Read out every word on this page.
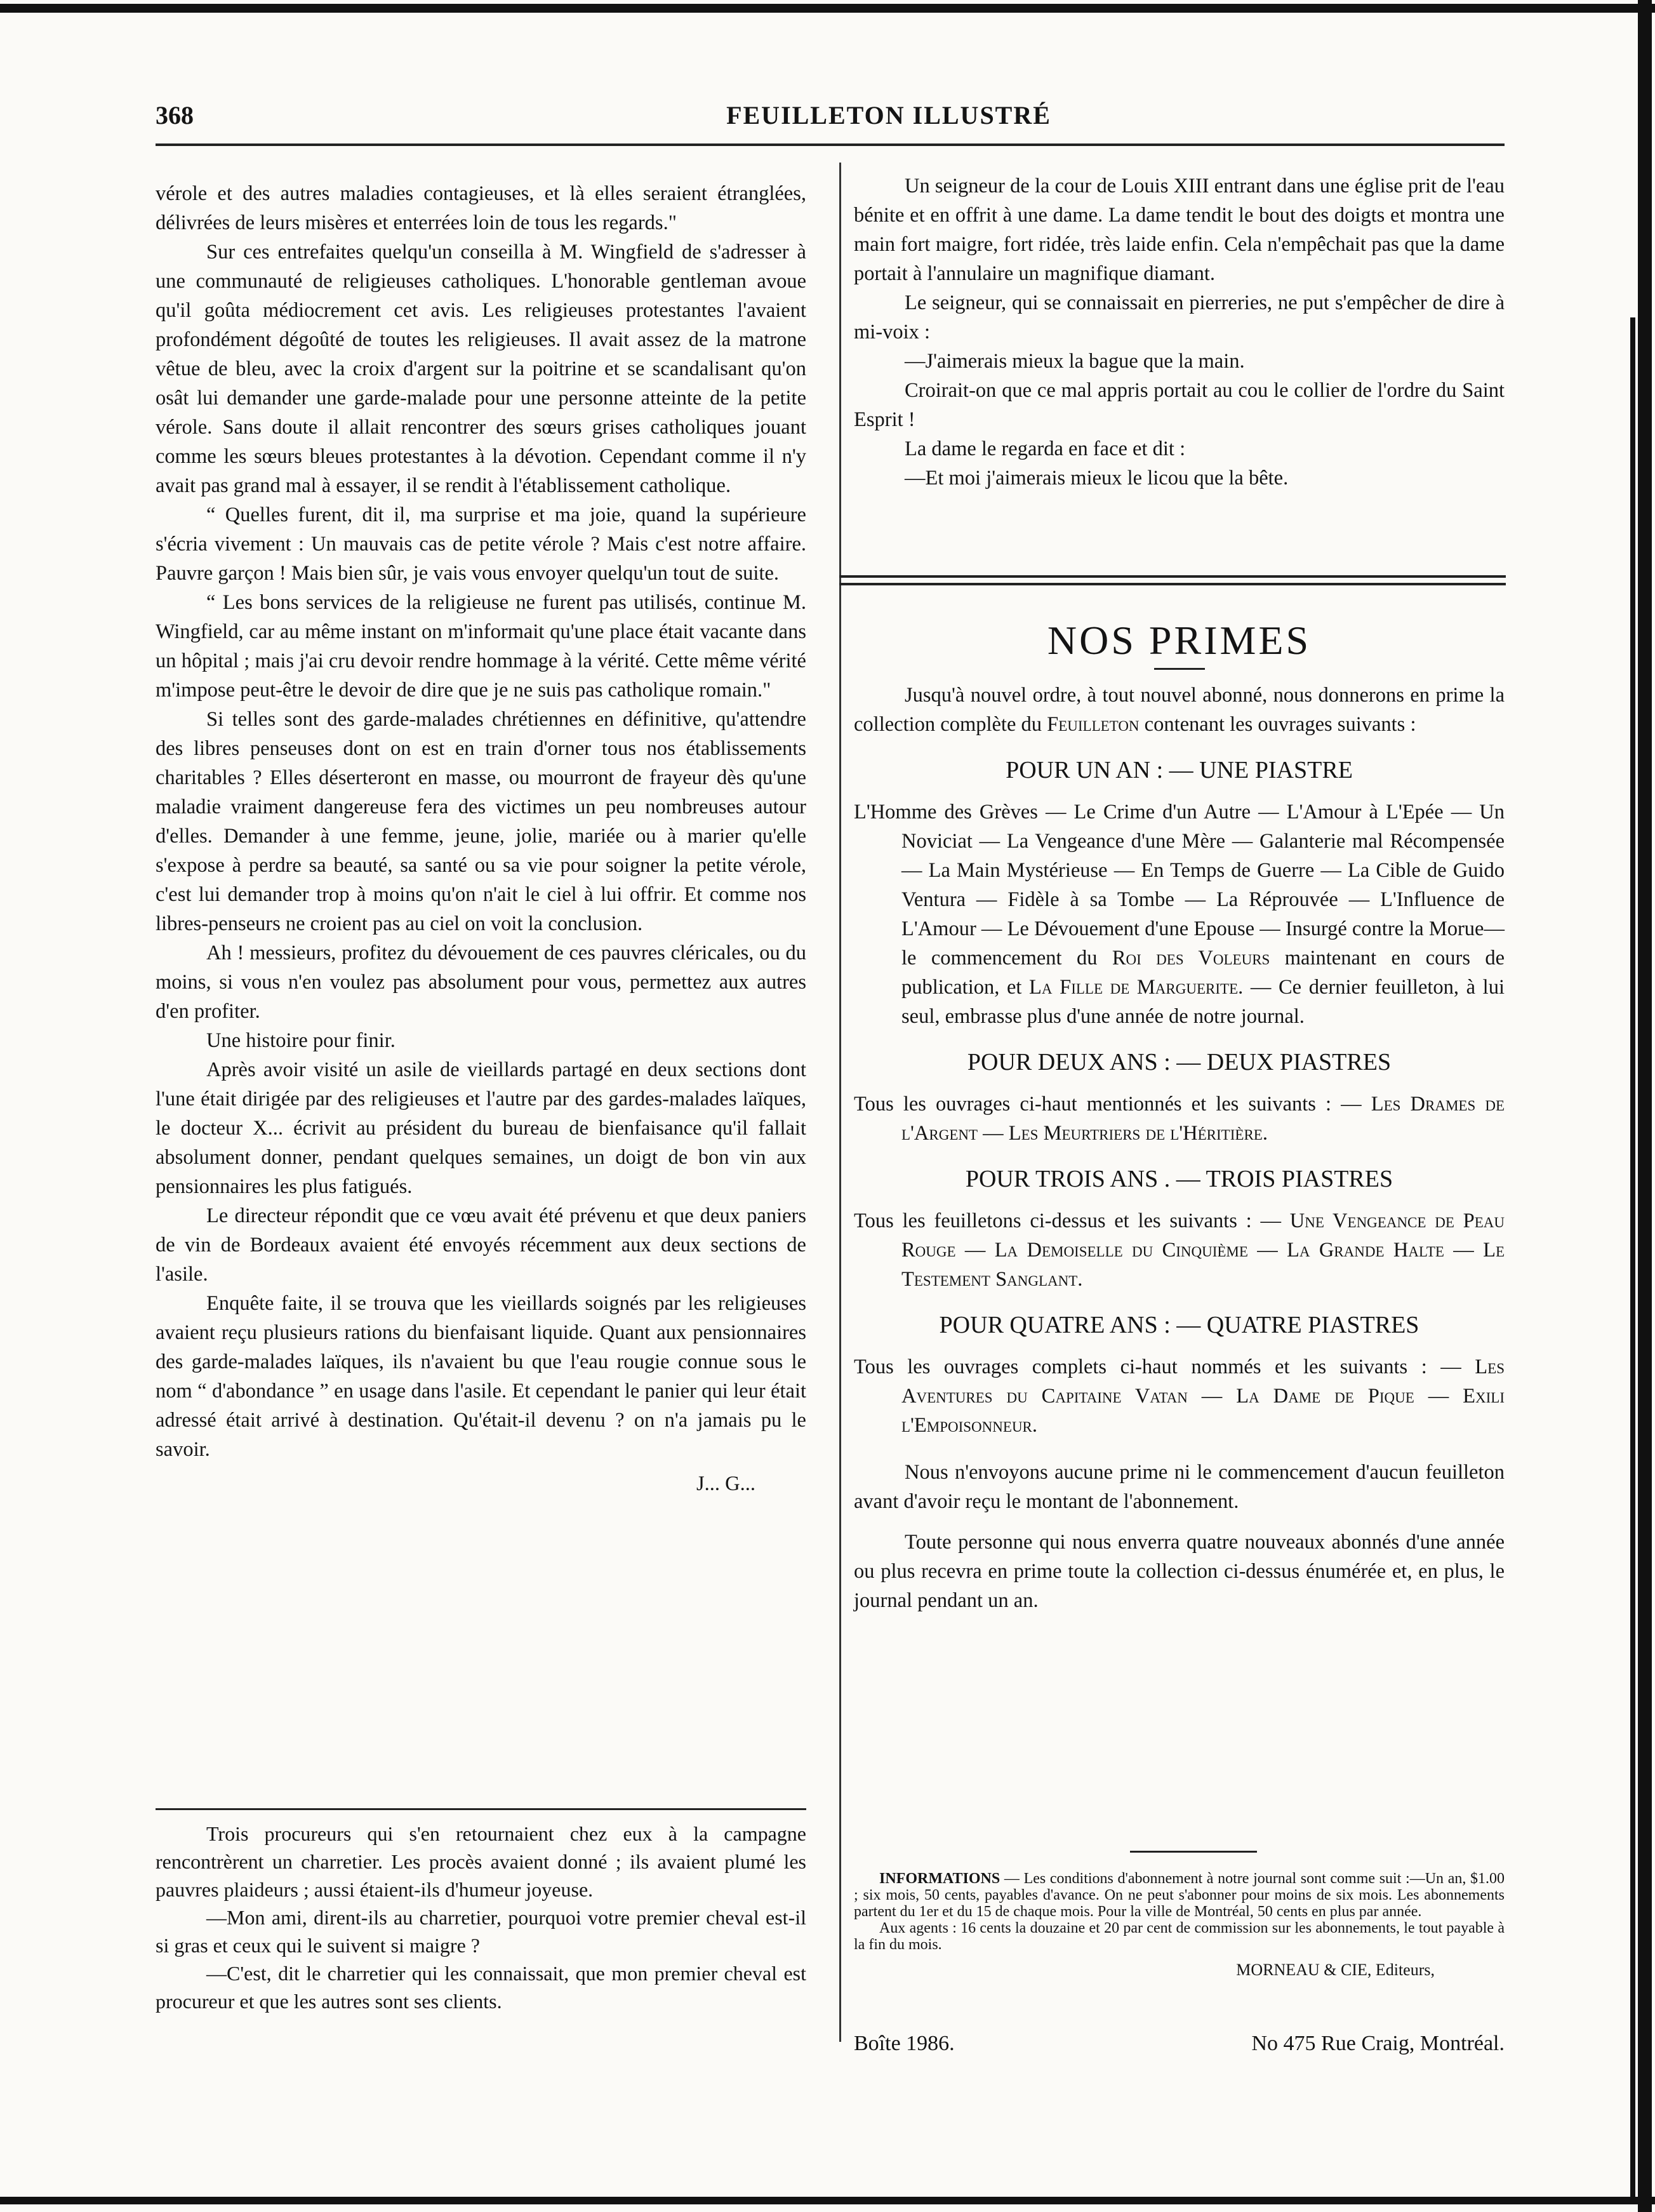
368	FEUILLETON ILLUSTRÉ

vérole et des autres maladies contagieuses, et là elles seraient étranglées, délivrées de leurs misères et enterrées loin de tous les regards."

Sur ces entrefaites quelqu'un conseilla à M. Wingfield de s'adresser à une communauté de religieuses catholiques. L'honorable gentleman avoue qu'il goûta médiocrement cet avis. Les religieuses protestantes l'avaient profondément dégoûté de toutes les religieuses. Il avait assez de la matrone vêtue de bleu, avec la croix d'argent sur la poitrine et se scandalisant qu'on osât lui demander une garde-malade pour une personne atteinte de la petite vérole. Sans doute il allait rencontrer des sœurs grises catholiques jouant comme les sœurs bleues protestantes à la dévotion. Cependant comme il n'y avait pas grand mal à essayer, il se rendit à l'établissement catholique.

“ Quelles furent, dit il, ma surprise et ma joie, quand la supérieure s'écria vivement : Un mauvais cas de petite vérole ? Mais c'est notre affaire. Pauvre garçon ! Mais bien sûr, je vais vous envoyer quelqu'un tout de suite.

“ Les bons services de la religieuse ne furent pas utilisés, continue M. Wingfield, car au même instant on m'informait qu'une place était vacante dans un hôpital ; mais j'ai cru devoir rendre hommage à la vérité. Cette même vérité m'impose peut-être le devoir de dire que je ne suis pas catholique romain."

Si telles sont des garde-malades chrétiennes en définitive, qu'attendre des libres penseuses dont on est en train d'orner tous nos établissements charitables ? Elles déserteront en masse, ou mourront de frayeur dès qu'une maladie vraiment dangereuse fera des victimes un peu nombreuses autour d'elles. Demander à une femme, jeune, jolie, mariée ou à marier qu'elle s'expose à perdre sa beauté, sa santé ou sa vie pour soigner la petite vérole, c'est lui demander trop à moins qu'on n'ait le ciel à lui offrir. Et comme nos libres-penseurs ne croient pas au ciel on voit la conclusion.

Ah ! messieurs, profitez du dévouement de ces pauvres cléricales, ou du moins, si vous n'en voulez pas absolument pour vous, permettez aux autres d'en profiter.

Une histoire pour finir.

Après avoir visité un asile de vieillards partagé en deux sections dont l'une était dirigée par des religieuses et l'autre par des gardes-malades laïques, le docteur X... écrivit au président du bureau de bienfaisance qu'il fallait absolument donner, pendant quelques semaines, un doigt de bon vin aux pensionnaires les plus fatigués.

Le directeur répondit que ce vœu avait été prévenu et que deux paniers de vin de Bordeaux avaient été envoyés récemment aux deux sections de l'asile.

Enquête faite, il se trouva que les vieillards soignés par les religieuses avaient reçu plusieurs rations du bienfaisant liquide. Quant aux pensionnaires des garde-malades laïques, ils n'avaient bu que l'eau rougie connue sous le nom “ d'abondance ” en usage dans l'asile. Et cependant le panier qui leur était adressé était arrivé à destination. Qu'était-il devenu ? on n'a jamais pu le savoir.

J... G...

Trois procureurs qui s'en retournaient chez eux à la campagne rencontrèrent un charretier. Les procès avaient donné ; ils avaient plumé les pauvres plaideurs ; aussi étaient-ils d'humeur joyeuse.

—Mon ami, dirent-ils au charretier, pourquoi votre premier cheval est-il si gras et ceux qui le suivent si maigre ?

—C'est, dit le charretier qui les connaissait, que mon premier cheval est procureur et que les autres sont ses clients.

Un seigneur de la cour de Louis XIII entrant dans une église prit de l'eau bénite et en offrit à une dame. La dame tendit le bout des doigts et montra une main fort maigre, fort ridée, très laide enfin. Cela n'empêchait pas que la dame portait à l'annulaire un magnifique diamant.

Le seigneur, qui se connaissait en pierreries, ne put s'empêcher de dire à mi-voix :

—J'aimerais mieux la bague que la main.

Croirait-on que ce mal appris portait au cou le collier de l'ordre du Saint Esprit !

La dame le regarda en face et dit :

—Et moi j'aimerais mieux le licou que la bête.

NOS PRIMES

Jusqu'à nouvel ordre, à tout nouvel abonné, nous donnerons en prime la collection complète du Feuilleton contenant les ouvrages suivants :

POUR UN AN : — UNE PIASTRE

L'Homme des Grèves — Le Crime d'un Autre — L'Amour à L'Epée — Un Noviciat — La Vengeance d'une Mère — Galanterie mal Récompensée — La Main Mystérieuse — En Temps de Guerre — La Cible de Guido Ventura — Fidèle à sa Tombe — La Réprouvée — L'Influence de L'Amour — Le Dévouement d'une Epouse — Insurgé contre la Morue—le commencement du Roi des Voleurs maintenant en cours de publication, et La Fille de Marguerite. — Ce dernier feuilleton, à lui seul, embrasse plus d'une année de notre journal.

POUR DEUX ANS : — DEUX PIASTRES

Tous les ouvrages ci-haut mentionnés et les suivants : — Les Drames de l'Argent — Les Meurtriers de l'Héritière.

POUR TROIS ANS . — TROIS PIASTRES

Tous les feuilletons ci-dessus et les suivants : — Une Vengeance de Peau Rouge — La Demoiselle du Cinquième — La Grande Halte — Le Testement Sanglant.

POUR QUATRE ANS : — QUATRE PIASTRES

Tous les ouvrages complets ci-haut nommés et les suivants : — Les Aventures du Capitaine Vatan — La Dame de Pique — Exili l'Empoisonneur.

Nous n'envoyons aucune prime ni le commencement d'aucun feuilleton avant d'avoir reçu le montant de l'abonnement.

Toute personne qui nous enverra quatre nouveaux abonnés d'une année ou plus recevra en prime toute la collection ci-dessus énumérée et, en plus, le journal pendant un an.

INFORMATIONS — Les conditions d'abonnement à notre journal sont comme suit :—Un an, $1.00 ; six mois, 50 cents, payables d'avance. On ne peut s'abonner pour moins de six mois. Les abonnements partent du 1er et du 15 de chaque mois. Pour la ville de Montréal, 50 cents en plus par année.

Aux agents : 16 cents la douzaine et 20 par cent de commission sur les abonnements, le tout payable à la fin du mois.

MORNEAU & CIE, Editeurs,

Boîte 1986.	No 475 Rue Craig, Montréal.
